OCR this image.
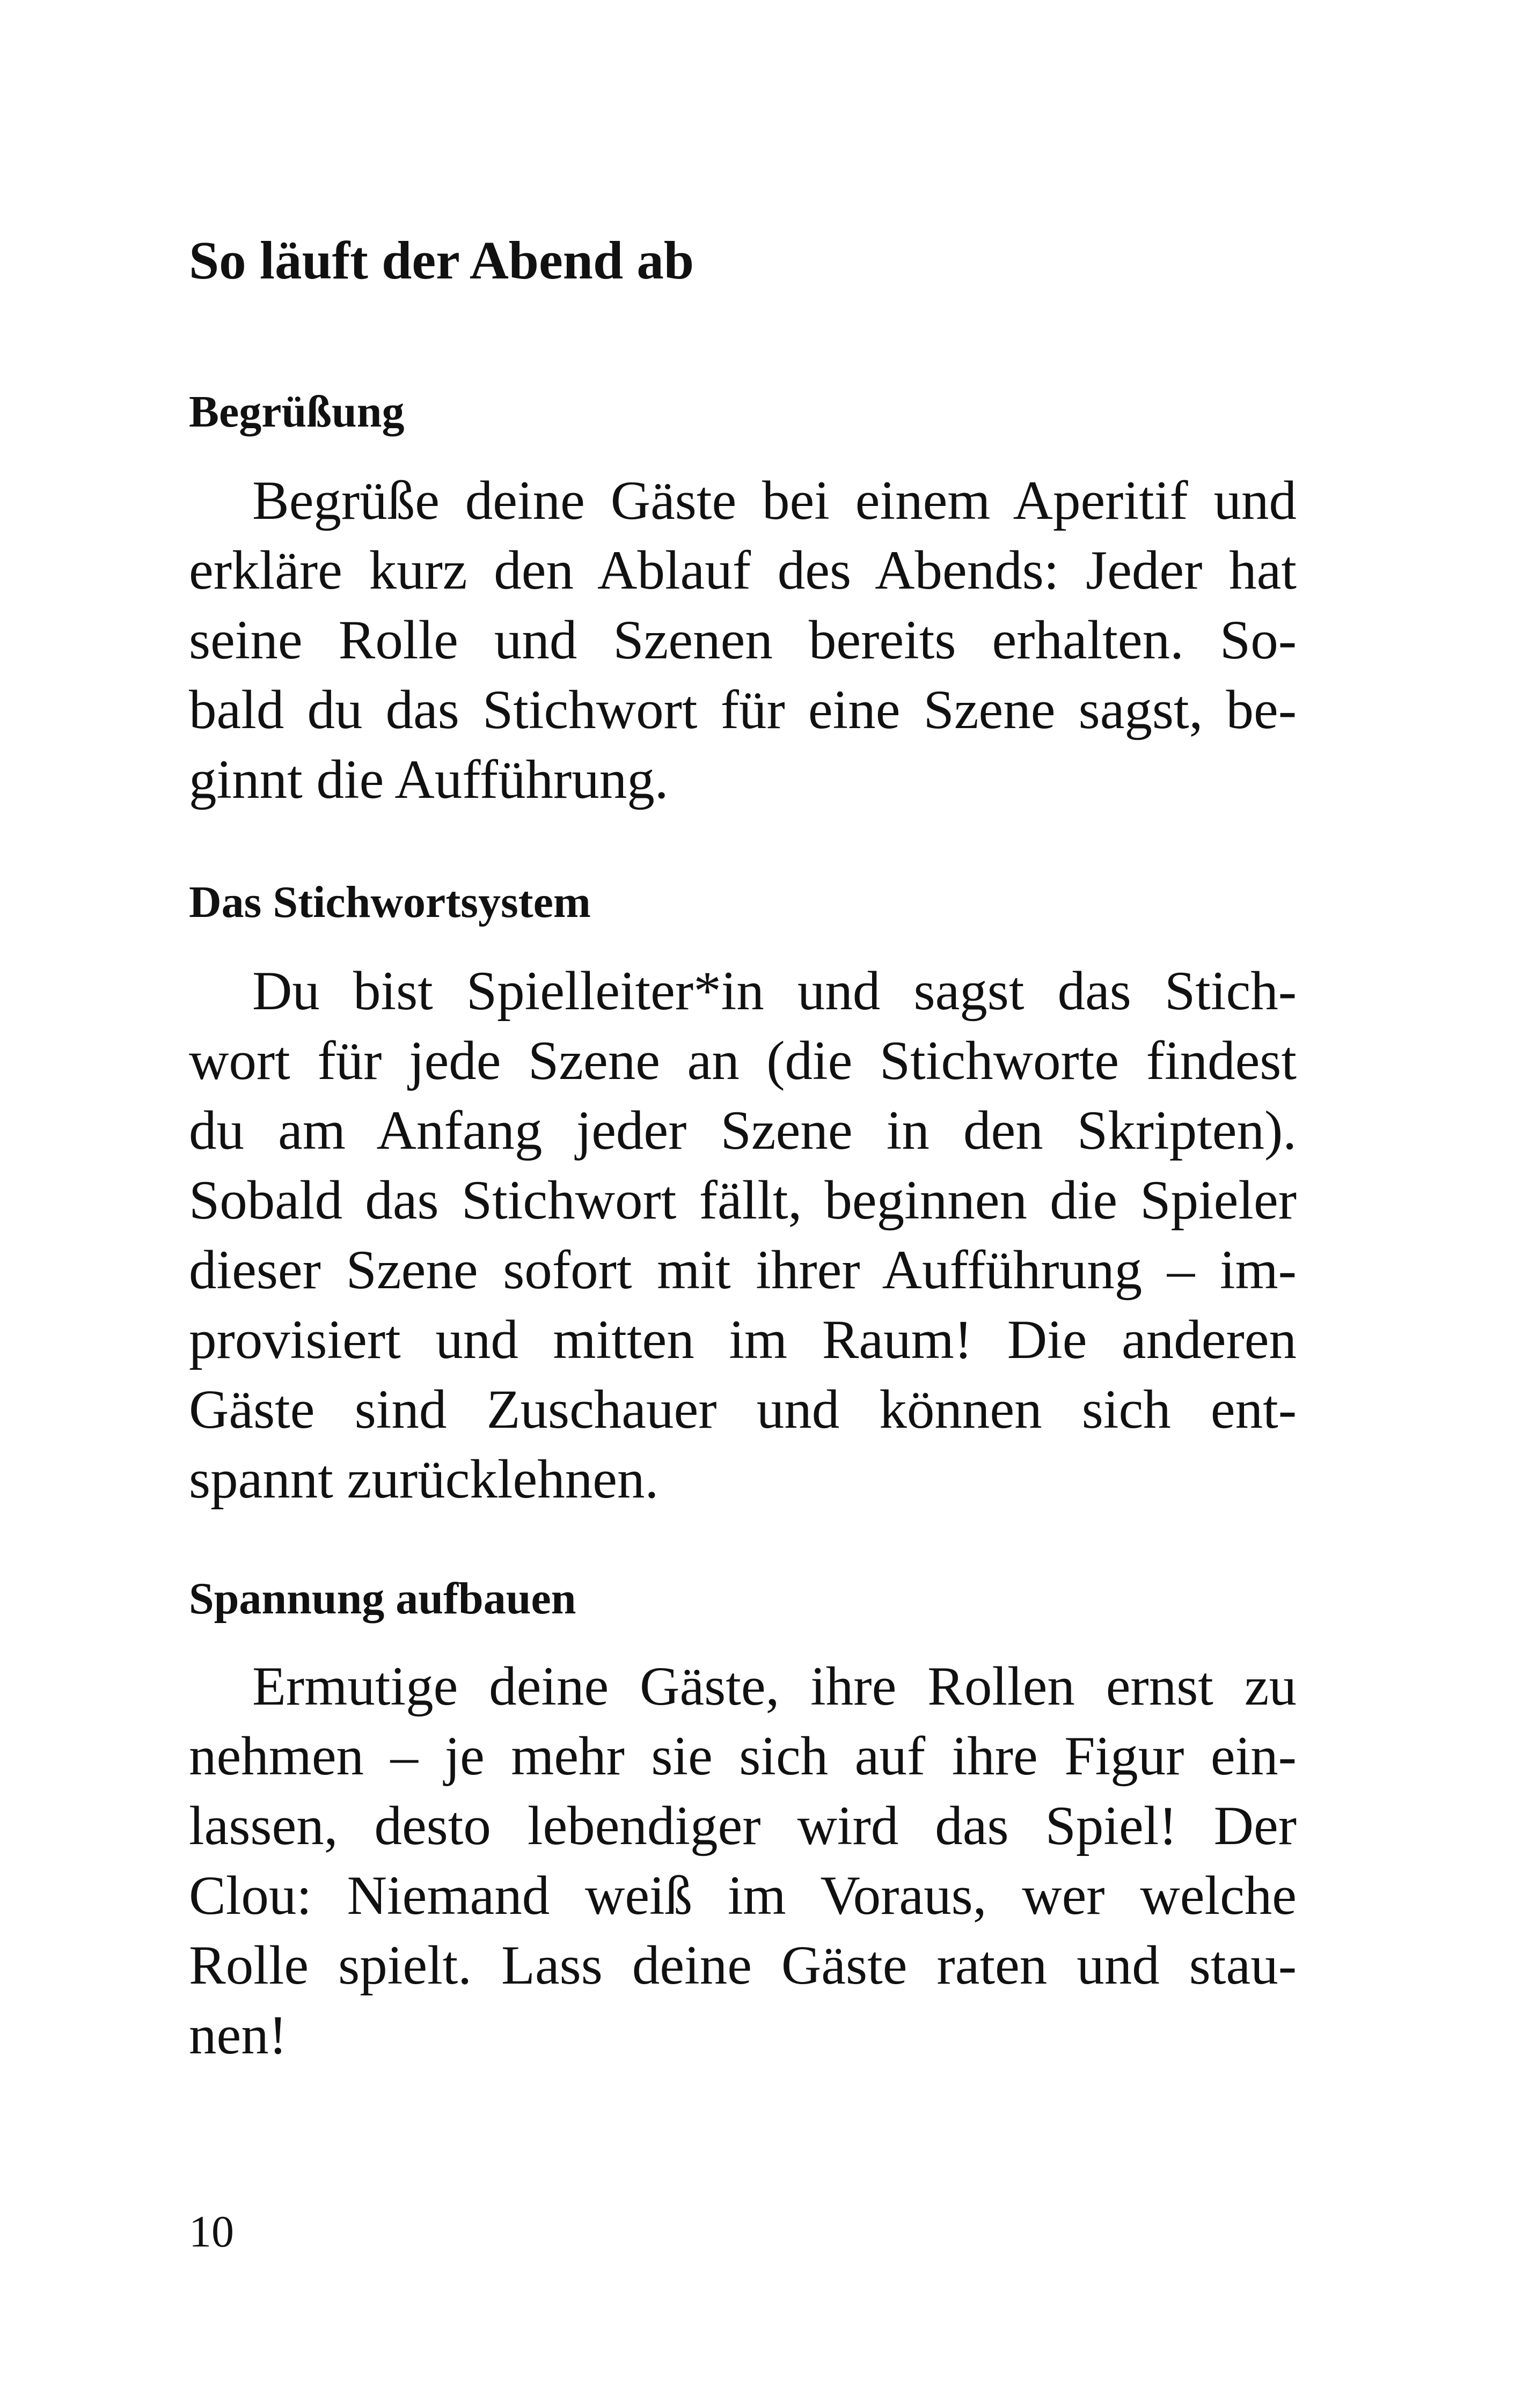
So läuft der Abend ab
Begrüßung
Begrüße deine Gäste bei einem Aperitif und
erkläre kurz den Ablauf des Abends: Jeder hat
seine Rolle und Szenen bereits erhalten. So-
bald du das Stichwort für eine Szene sagst, be-
ginnt die Aufführung.
Das Stichwortsystem
Du bist Spielleiter*in und sagst das Stich-
wort für jede Szene an (die Stichworte findest
du am Anfang jeder Szene in den Skripten).
Sobald das Stichwort fällt, beginnen die Spieler
dieser Szene sofort mit ihrer Aufführung – im-
provisiert und mitten im Raum! Die anderen
Gäste sind Zuschauer und können sich ent-
spannt zurücklehnen.
Spannung aufbauen
Ermutige deine Gäste, ihre Rollen ernst zu
nehmen – je mehr sie sich auf ihre Figur ein-
lassen, desto lebendiger wird das Spiel! Der
Clou: Niemand weiß im Voraus, wer welche
Rolle spielt. Lass deine Gäste raten und stau-
nen!

10
